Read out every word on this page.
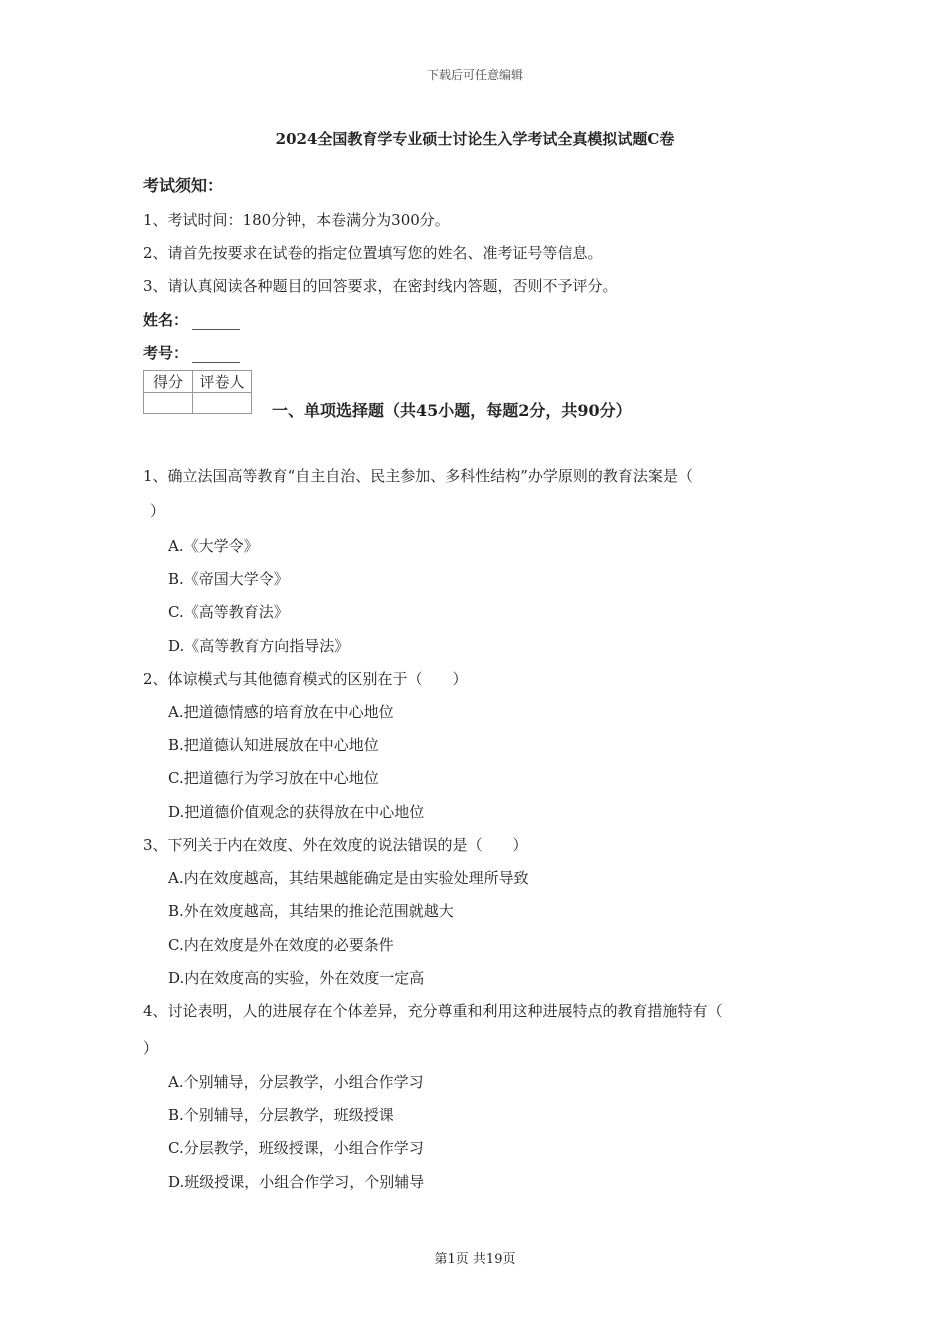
下载后可任意编辑
2024全国教育学专业硕士讨论生入学考试全真模拟试题C卷
考试须知：
1、考试时间：180分钟，本卷满分为300分。
2、请首先按要求在试卷的指定位置填写您的姓名、准考证号等信息。
3、请认真阅读各种题目的回答要求，在密封线内答题，否则不予评分。
姓名：
考号：
得分	评卷人

一、单项选择题（共45小题，每题2分，共90分）
1、确立法国高等教育“自主自治、民主参加、多科性结构”办学原则的教育法案是（
）
A.《大学令》
B.《帝国大学令》
C.《高等教育法》
D.《高等教育方向指导法》
2、体谅模式与其他德育模式的区别在于（　　）
A.把道德情感的培育放在中心地位
B.把道德认知进展放在中心地位
C.把道德行为学习放在中心地位
D.把道德价值观念的获得放在中心地位
3、下列关于内在效度、外在效度的说法错误的是（　　）
A.内在效度越高，其结果越能确定是由实验处理所导致
B.外在效度越高，其结果的推论范围就越大
C.内在效度是外在效度的必要条件
D.内在效度高的实验，外在效度一定高
4、讨论表明，人的进展存在个体差异，充分尊重和利用这种进展特点的教育措施特有（
）
A.个别辅导，分层教学，小组合作学习
B.个别辅导，分层教学，班级授课
C.分层教学，班级授课，小组合作学习
D.班级授课，小组合作学习，个别辅导
第1页 共19页
